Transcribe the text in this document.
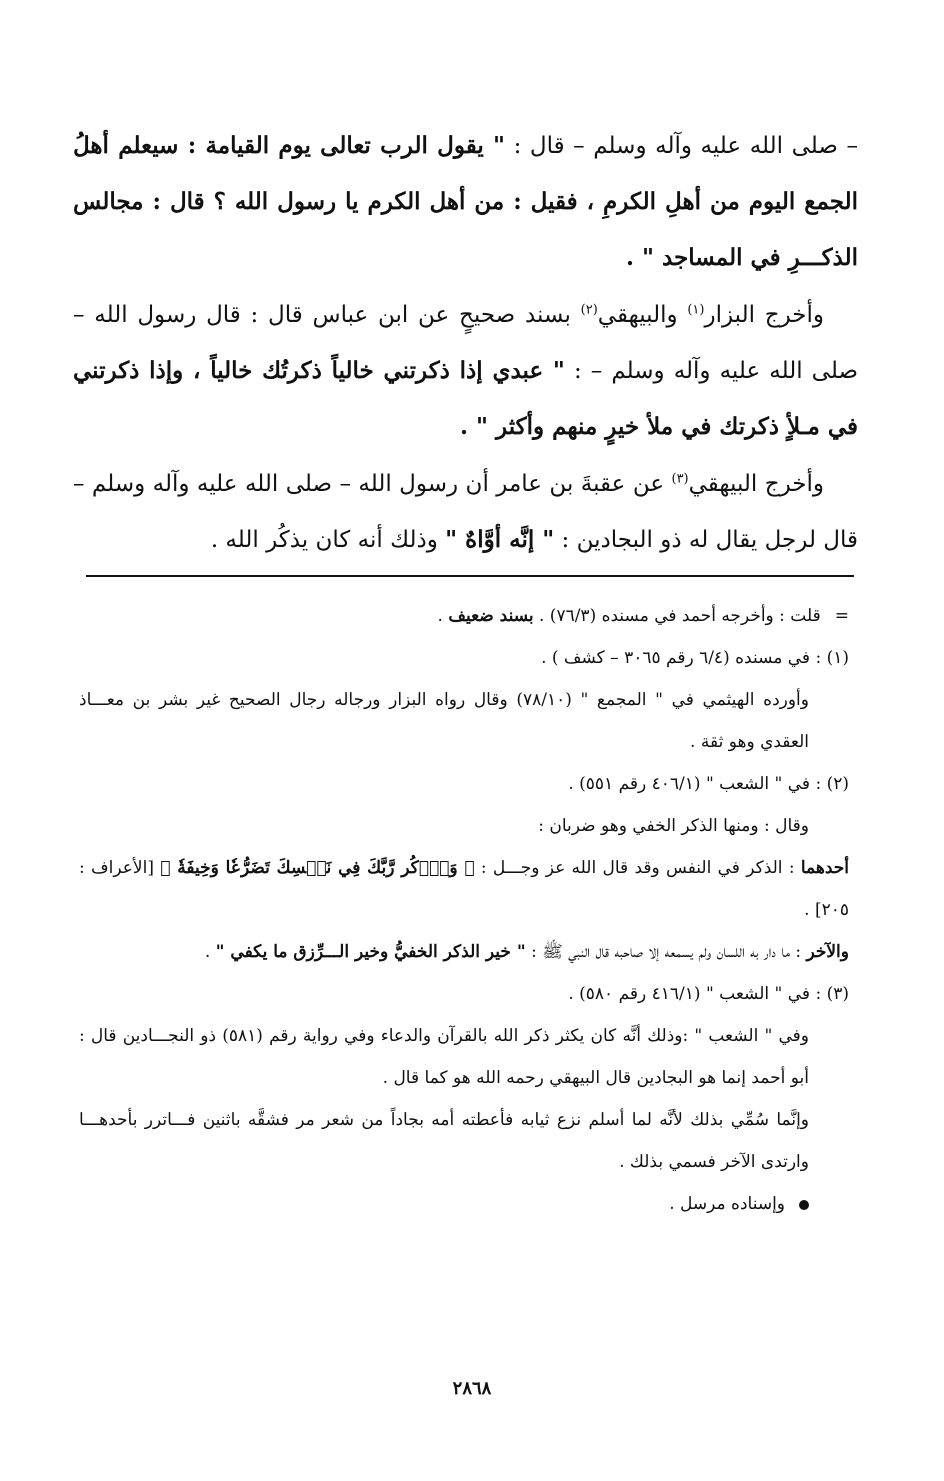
– صلى الله عليه وآله وسلم – قال : " يقول الرب تعالى يوم القيامة : سيعلم أهلُ الجمع اليوم من أهلِ الكرمِ ، فقيل : من أهل الكرم يا رسول الله ؟ قال : مجالس الذكـــرِ في المساجد " .

وأخرج البزار$^{(١)}$ والبيهقي$^{(٢)}$ بسند صحيحٍ عن ابن عباس قال : قال رسول الله – صلى الله عليه وآله وسلم – : " عبدي إذا ذكرتني خالياً ذكرتُك خالياً ، وإذا ذكرتني في مـلأٍ ذكرتك في ملأ خيرٍ منهم وأكثر " .

وأخرج البيهقي$^{(٣)}$ عن عقبةَ بن عامر أن رسول الله – صلى الله عليه وآله وسلم – قال لرجل يقال له ذو البجادين : " إنَّه أوَّاهٌ " وذلك أنه كان يذكُر الله .

=قلت : وأخرجه أحمد في مسنده (٧٦/٣) . بسند ضعيف .

(١) : في مسنده (٦/٤ رقم ٣٠٦٥ – كشف ) .

وأورده الهيثمي في " المجمع " (٧٨/١٠) وقال رواه البزار ورجاله رجال الصحيح غير بشر بن معـــاذ العقدي وهو ثقة .

(٢) : في " الشعب " (٤٠٦/١ رقم ٥٥١) .

وقال : ومنها الذكر الخفي وهو ضربان :

أحدهما : الذكر في النفس وقد قال الله عز وجـــل : ﴿ وَٱذۡكُر رَّبَّكَ فِي نَفۡسِكَ تَضَرُّعٗا وَخِيفَةٗ ﴾ [الأعراف : ٢٠٥] .

والآخر : ما دار به اللسان ولم يسمعه إلا صاحبه قال النبي ﷺ : " خير الذكر الخفيُّ وخير الـــرِّزق ما يكفي " .

(٣) : في " الشعب " (٤١٦/١ رقم ٥٨٠) .

وفي " الشعب " :وذلك أنَّه كان يكثر ذكر الله بالقرآن والدعاء وفي رواية رقم (٥٨١) ذو النجـــادين قال : أبو أحمد إنما هو البجادين قال البيهقي رحمه الله هو كما قال .

وإنَّما سُمِّي بذلك لأنَّه لما أسلم نزع ثيابه فأعطته أمه بجاداً من شعر مر فشقَّه باثنين فـــاترر بأحدهـــا وارتدى الآخر فسمي بذلك .

وإسناده مرسل .

٢٨٦٨
